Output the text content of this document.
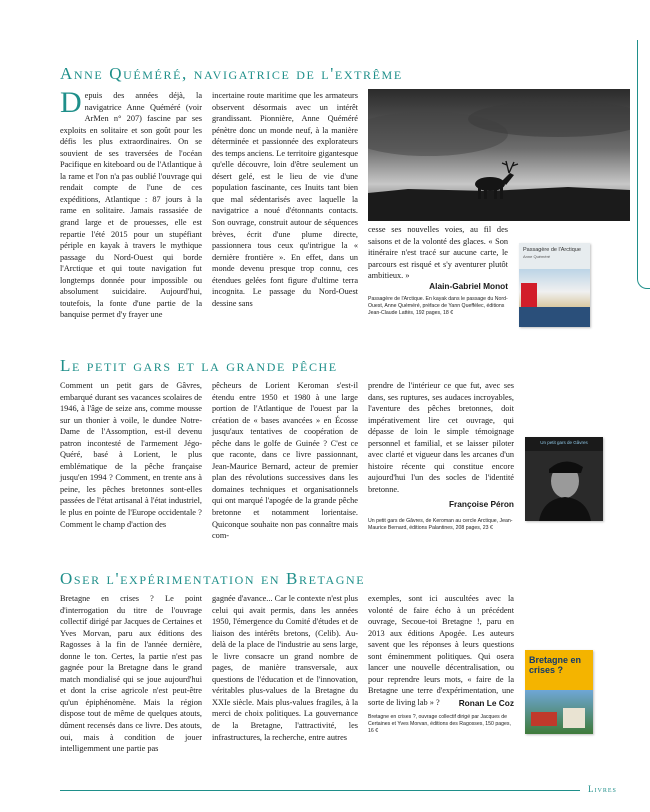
Anne Quéméré, navigatrice de l'extrême
Depuis des années déjà, la navigatrice Anne Quéméré (voir ArMen n° 207) fascine par ses exploits en solitaire et son goût pour les défis les plus extraordinaires. On se souvient de ses traversées de l'océan Pacifique en kiteboard ou de l'Atlantique à la rame et l'on n'a pas oublié l'ouvrage qui rendait compte de l'une de ces expéditions, Atlantique : 87 jours à la rame en solitaire. Jamais rassasiée de grand large et de prouesses, elle est repartie l'été 2015 pour un stupéfiant périple en kayak à travers le mythique passage du Nord-Ouest qui borde l'Arctique et qui toute navigation fut longtemps donnée pour impossible ou absolument suicidaire. Aujourd'hui, toutefois, la fonte d'une partie de la banquise permet d'y frayer une
incertaine route maritime que les armateurs observent désormais avec un intérêt grandissant. Pionnière, Anne Quéméré pénètre donc un monde neuf, à la manière déterminée et passionnée des explorateurs des temps anciens. Le territoire gigantesque qu'elle découvre, loin d'être seulement un désert gelé, est le lieu de vie d'une population fascinante, ces Inuits tant bien que mal sédentarisés avec laquelle la navigatrice a noué d'étonnants contacts. Son ouvrage, construit autour de séquences brèves, écrit d'une plume directe, passionnera tous ceux qu'intrigue la « dernière frontière ». En effet, dans un monde devenu presque trop connu, ces étendues gelées font figure d'ultime terra incognita. Le passage du Nord-Ouest dessine sans
cesse ses nouvelles voies, au fil des saisons et de la volonté des glaces. « Son itinéraire n'est tracé sur aucune carte, le parcours est risqué et s'y aventurer plutôt ambitieux. »
Alain-Gabriel Monot
Passagère de l'Arctique. En kayak dans le passage du Nord-Ouest, Anne Quéméré, préface de Yann Queffélec, éditions Jean-Claude Lattès, 192 pages, 18 €
Passagère de l'Arctique
Anne Quéméré
Le petit gars et la grande pêche
Comment un petit gars de Gâvres, embarqué durant ses vacances scolaires de 1946, à l'âge de seize ans, comme mousse sur un thonier à voile, le dundee Notre-Dame de l'Assomption, est-il devenu patron incontesté de l'armement Jégo-Quéré, basé à Lorient, le plus emblématique de la pêche française jusqu'en 1994 ? Comment, en trente ans à peine, les pêches bretonnes sont-elles passées de l'état artisanal à l'état industriel, le plus en pointe de l'Europe occidentale ? Comment le champ d'action des
pêcheurs de Lorient Keroman s'est-il étendu entre 1950 et 1980 à une large portion de l'Atlantique de l'ouest par la création de « bases avancées » en Écosse jusqu'aux tentatives de coopération de pêche dans le golfe de Guinée ? C'est ce que raconte, dans ce livre passionnant, Jean-Maurice Bernard, acteur de premier plan des révolutions successives dans les domaines techniques et organisationnels qui ont marqué l'apogée de la grande pêche bretonne et notamment lorientaise. Quiconque souhaite non pas connaître mais com-
prendre de l'intérieur ce que fut, avec ses dans, ses ruptures, ses audaces incroyables, l'aventure des pêches bretonnes, doit impérativement lire cet ouvrage, qui dépasse de loin le simple témoignage personnel et familial, et se laisser piloter avec clarté et vigueur dans les arcanes d'un histoire récente qui constitue encore aujourd'hui l'un des socles de l'identité bretonne.
Un petit gars de Gâvres
Françoise Péron
Un petit gars de Gâvres, de Keroman au cercle Arctique, Jean-Maurice Bernard, éditions Palantines, 208 pages, 23 €
Oser l'expérimentation en Bretagne
Bretagne en crises ? Le point d'interrogation du titre de l'ouvrage collectif dirigé par Jacques de Certaines et Yves Morvan, paru aux éditions des Ragosses à la fin de l'année dernière, donne le ton. Certes, la partie n'est pas gagnée pour la Bretagne dans le grand match mondialisé qui se joue aujourd'hui et dont la crise agricole n'est peut-être qu'un épiphénomène. Mais la région dispose tout de même de quelques atouts, dûment recensés dans ce livre. Des atouts, oui, mais à condition de jouer intelligemment une partie pas
gagnée d'avance... Car le contexte n'est plus celui qui avait permis, dans les années 1950, l'émergence du Comité d'études et de liaison des intérêts bretons, (Celib). Au-delà de la place de l'industrie au sens large, le livre consacre un grand nombre de pages, de manière transversale, aux questions de l'éducation et de l'innovation, véritables plus-values de la Bretagne du XXIe siècle. Mais plus-values fragiles, à la merci de choix politiques. La gouvernance de la Bretagne, l'attractivité, les infrastructures, la recherche, entre autres
exemples, sont ici auscultées avec la volonté de faire écho à un précédent ouvrage, Secoue-toi Bretagne !, paru en 2013 aux éditions Apogée. Les auteurs savent que les réponses à leurs questions sont éminemment politiques. Qui osera lancer une nouvelle décentralisation, ou pour reprendre leurs mots, « faire de la Bretagne une terre d'expérimentation, une sorte de living lab » ?	Ronan Le Coz
Bretagne en crises ?, ouvrage collectif dirigé par Jacques de Certaines et Yves Morvan, éditions des Ragosses, 150 pages, 16 €
Bretagne en crises ?
Livres
